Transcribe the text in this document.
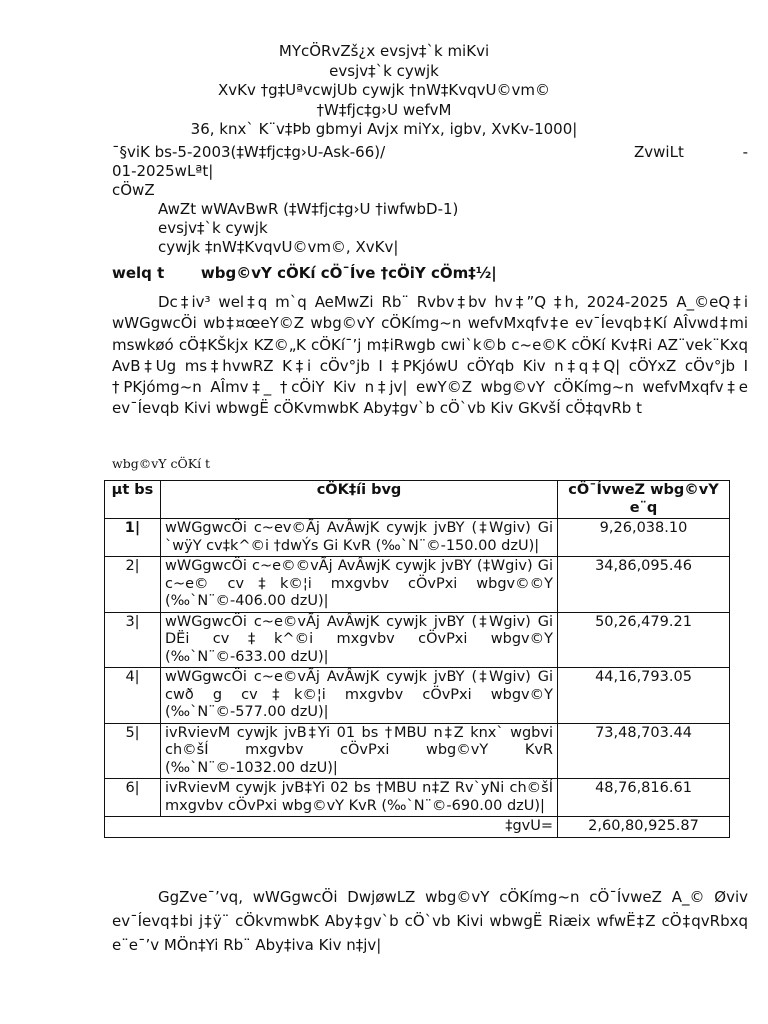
MYcÖRvZš¿x evsjv‡`k miKvi
evsjv‡`k cywjk
XvKv †g‡UªvcwjUb cywjk †nW‡KvqvU©vm©
†W‡fjc‡g›U wefvM
36, knx` K¨v‡Þb gbmyi Avjx miYx, igbv, XvKv-1000|
¯§viK bs-5-2003(‡W‡fjc‡g›U-Ask-66)/	ZvwiLt	-
01-2025wLªt|
cÖwZ
AwZt wWAvBwR (‡W‡fjc‡g›U †iwfwbD-1)
evsjv‡`k cywjk
cywjk ‡nW‡KvqvU©vm©, XvKv|
welq t wbg©vY cÖKí cÖ¯Íve †cÖiY cÖm‡½|
Dc‡iv³ wel‡q m`q AeMwZi Rb¨ Rvbv‡bv hv‡”Q ‡h, 2024-2025 A_©eQ‡i wWGgwcÖi wb‡¤œeY©Z wbg©vY cÖKímg~n wefvMxqfv‡e ev¯Íevqb‡Kí AÎvwd‡mi mswkøó cÖ‡KŠkjx KZ©„K cÖKí¯’j m‡iRwgb cwi`k©b c~e©K cÖKí Kv‡Ri AZ¨vek¨Kxq AvB‡Ug ms‡hvwRZ K‡i cÖv°jb I ‡PKjówU cÖYqb Kiv n‡q‡Q| cÖYxZ cÖv°jb I †PKjómg~n AÎmv‡_ †cÖiY Kiv n‡jv| ewY©Z wbg©vY cÖKímg~n wefvMxqfv‡e ev¯Íevqb Kivi wbwgË cÖKvmwbK Aby‡gv`b cÖ`vb Kiv GKvšÍ cÖ‡qvRb t
wbg©vY cÖKí t
µt bs	cÖK‡íi bvg	cÖ¯ÍvweZ wbg©vY e¨q
1|	wWGgwcÖi c~ev©Ãj AvÂwjK cywjk jvBY (‡Wgiv) Gi `wÿY cv‡k^©i †dwÝs Gi KvR (‰`N¨©-150.00 dzU)|	9,26,038.10
2|	wWGgwcÖi c~e©©vÃj AvÂwjK cywjk jvBY (‡Wgiv) Gi c~e© cv‡k©¦i mxgvbv cÖvPxi wbgv©©Y (‰`N¨©-406.00 dzU)|	34,86,095.46
3|	wWGgwcÖi c~e©vÃj AvÂwjK cywjk jvBY (‡Wgiv) Gi DËi cv‡k^©i mxgvbv cÖvPxi wbgv©Y (‰`N¨©-633.00 dzU)|	50,26,479.21
4|	wWGgwcÖi c~e©vÃj AvÂwjK cywjk jvBY (‡Wgiv) Gi cwð g cv‡k©¦i mxgvbv cÖvPxi wbgv©Y (‰`N¨©-577.00 dzU)|	44,16,793.05
5|	ivRvievM cywjk jvB‡Yi 01 bs †MBU n‡Z knx` wgbvi ch©šÍ mxgvbv cÖvPxi wbg©vY KvR (‰`N¨©-1032.00 dzU)|	73,48,703.44
6|	ivRvievM cywjk jvB‡Yi 02 bs †MBU n‡Z Rv`yNi ch©šÍ mxgvbv cÖvPxi wbg©vY KvR (‰`N¨©-690.00 dzU)|	48,76,816.61
‡gvU=		2,60,80,925.87
GgZve¯’vq, wWGgwcÖi DwjøwLZ wbg©vY cÖKímg~n cÖ¯ÍvweZ A_© Øviv ev¯Íevq‡bi j‡ÿ¨ cÖkvmwbK Aby‡gv`b cÖ`vb Kivi wbwgË Riæix wfwË‡Z cÖ‡qvRbxq e¨e¯’v MÖn‡Yi Rb¨ Aby‡iva Kiv n‡jv|
